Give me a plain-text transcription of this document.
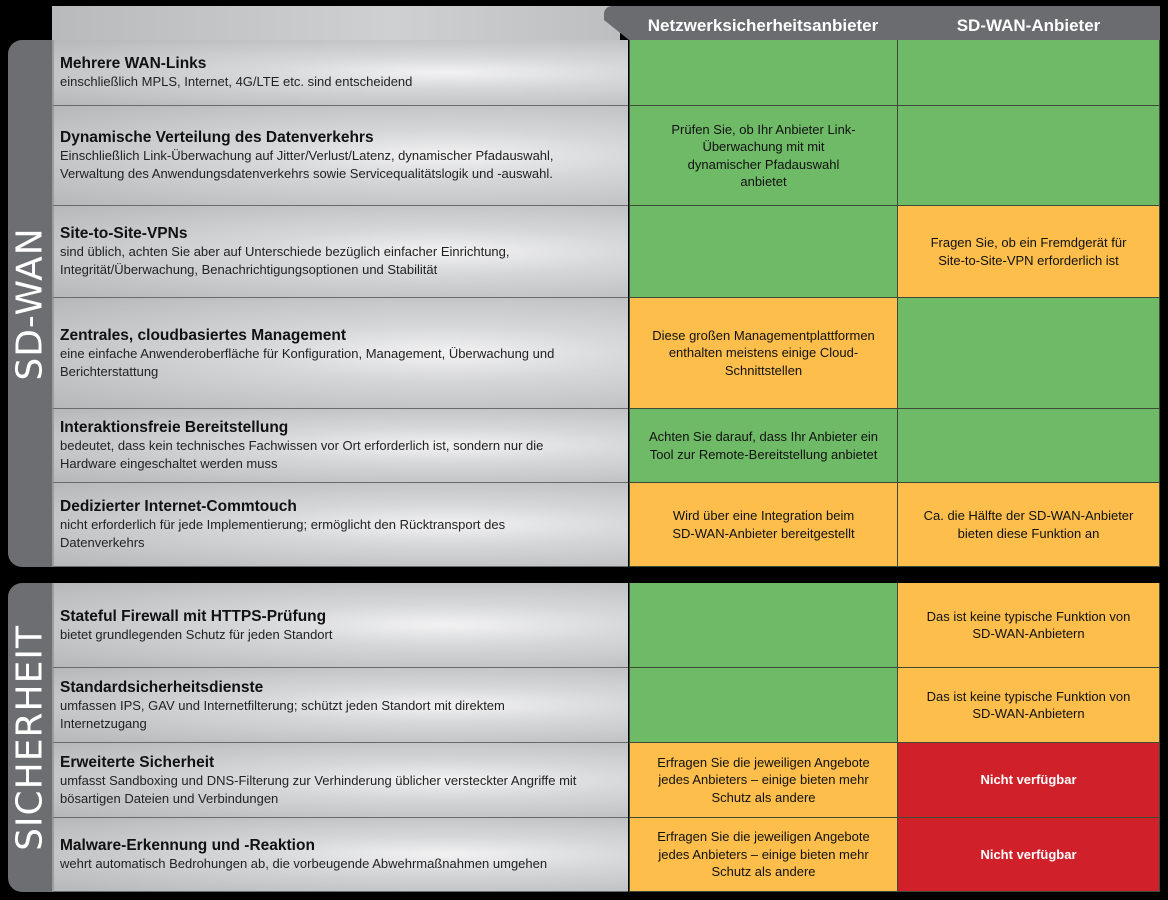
Netzwerksicherheitsanbieter	SD-WAN-Anbieter
SD-WAN
Mehrere WAN-Links
einschließlich MPLS, Internet, 4G/LTE etc. sind entscheidend
Dynamische Verteilung des Datenverkehrs
Einschließlich Link-Überwachung auf Jitter/Verlust/Latenz, dynamischer Pfadauswahl, Verwaltung des Anwendungsdatenverkehrs sowie Servicequalitätslogik und -auswahl.
Prüfen Sie, ob Ihr Anbieter Link-Überwachung mit mit dynamischer Pfadauswahl anbietet
Site-to-Site-VPNs
sind üblich, achten Sie aber auf Unterschiede bezüglich einfacher Einrichtung, Integrität/Überwachung, Benachrichtigungsoptionen und Stabilität
Fragen Sie, ob ein Fremdgerät für Site-to-Site-VPN erforderlich ist
Zentrales, cloudbasiertes Management
eine einfache Anwenderoberfläche für Konfiguration, Management, Überwachung und Berichterstattung
Diese großen Managementplattformen enthalten meistens einige Cloud-Schnittstellen
Interaktionsfreie Bereitstellung
bedeutet, dass kein technisches Fachwissen vor Ort erforderlich ist, sondern nur die Hardware eingeschaltet werden muss
Achten Sie darauf, dass Ihr Anbieter ein Tool zur Remote-Bereitstellung anbietet
Dedizierter Internet-Commtouch
nicht erforderlich für jede Implementierung; ermöglicht den Rücktransport des Datenverkehrs
Wird über eine Integration beim SD-WAN-Anbieter bereitgestellt
Ca. die Hälfte der SD-WAN-Anbieter bieten diese Funktion an
SICHERHEIT
Stateful Firewall mit HTTPS-Prüfung
bietet grundlegenden Schutz für jeden Standort
Das ist keine typische Funktion von SD-WAN-Anbietern
Standardsicherheitsdienste
umfassen IPS, GAV und Internetfilterung; schützt jeden Standort mit direktem Internetzugang
Das ist keine typische Funktion von SD-WAN-Anbietern
Erweiterte Sicherheit
umfasst Sandboxing und DNS-Filterung zur Verhinderung üblicher versteckter Angriffe mit bösartigen Dateien und Verbindungen
Erfragen Sie die jeweiligen Angebote jedes Anbieters – einige bieten mehr Schutz als andere
Nicht verfügbar
Malware-Erkennung und -Reaktion
wehrt automatisch Bedrohungen ab, die vorbeugende Abwehrmaßnahmen umgehen
Erfragen Sie die jeweiligen Angebote jedes Anbieters – einige bieten mehr Schutz als andere
Nicht verfügbar
